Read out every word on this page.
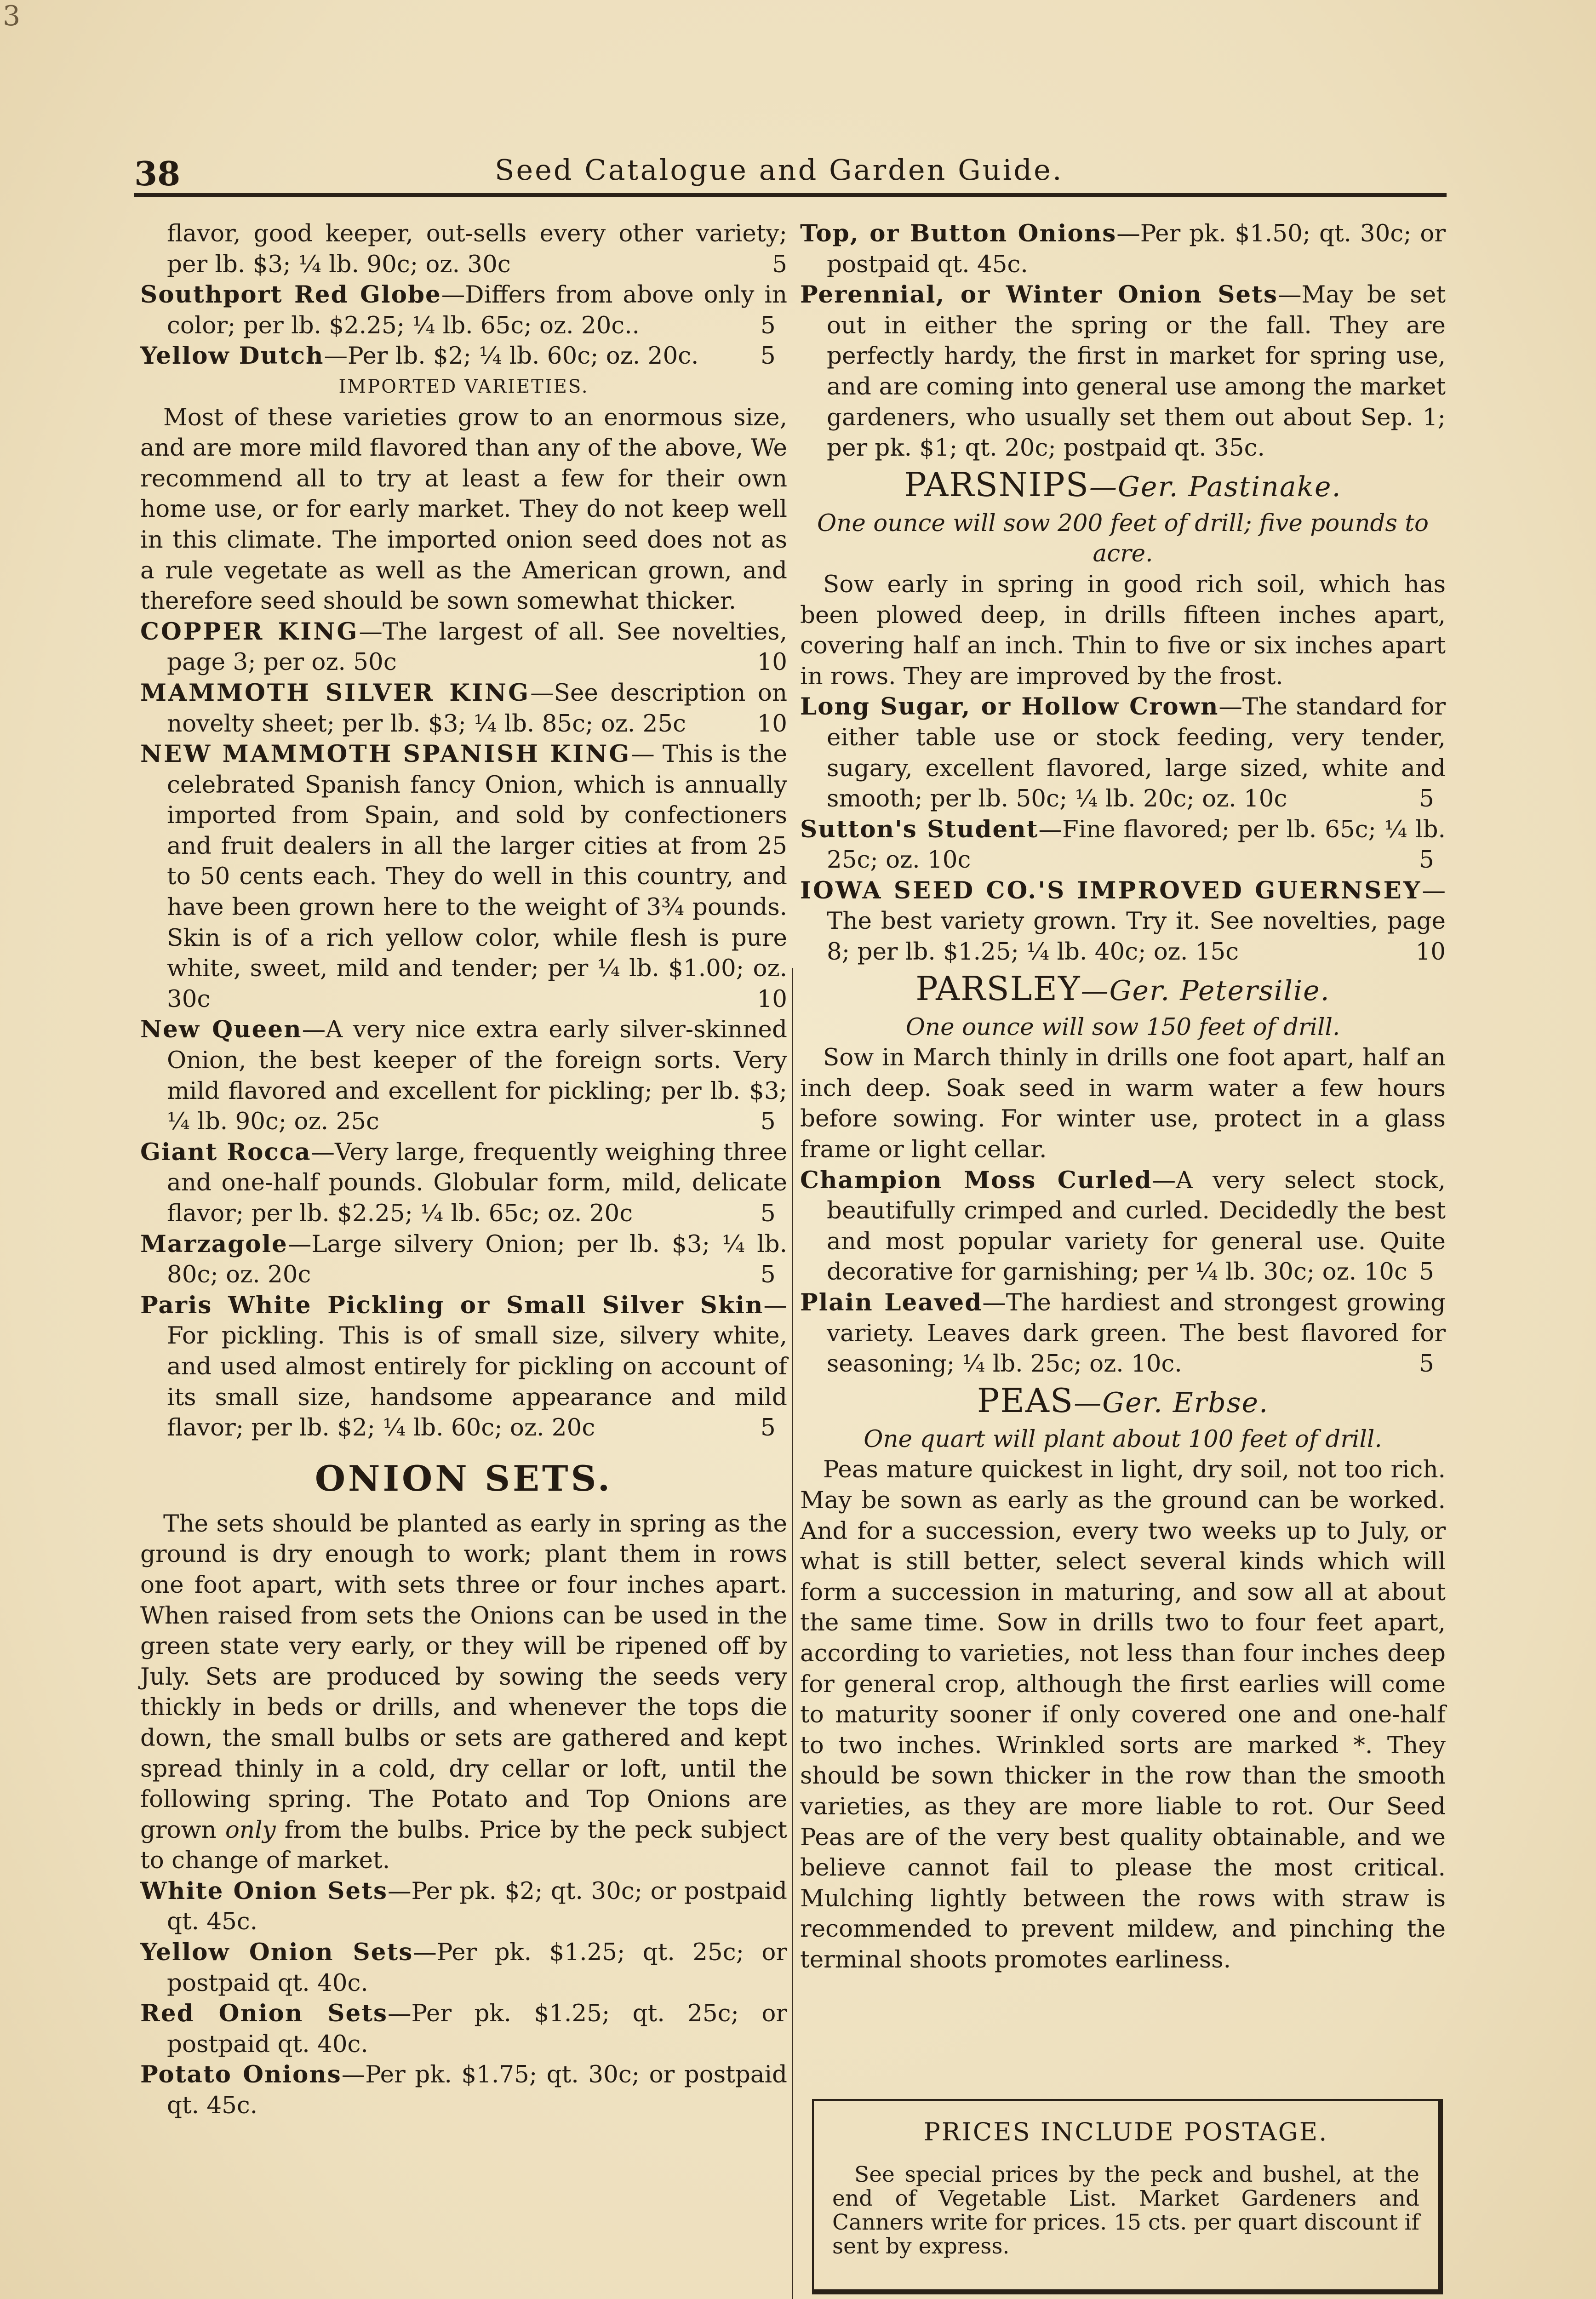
3
38	Seed Catalogue and Garden Guide.
flavor, good keeper, out-sells every other variety; per lb. $3; ¼ lb. 90c; oz. 30c	5
Southport Red Globe—Differs from above only in color; per lb. $2.25; ¼ lb. 65c; oz. 20c..	5
Yellow Dutch—Per lb. $2; ¼ lb. 60c; oz. 20c.	5
IMPORTED VARIETIES.
Most of these varieties grow to an enormous size, and are more mild flavored than any of the above, We recommend all to try at least a few for their own home use, or for early market. They do not keep well in this climate. The imported onion seed does not as a rule vegetate as well as the American grown, and therefore seed should be sown somewhat thicker.
COPPER KING—The largest of all. See novelties, page 3; per oz. 50c	10
MAMMOTH SILVER KING—See description on novelty sheet; per lb. $3; ¼ lb. 85c; oz. 25c	10
NEW MAMMOTH SPANISH KING— This is the celebrated Spanish fancy Onion, which is annually imported from Spain, and sold by confectioners and fruit dealers in all the larger cities at from 25 to 50 cents each. They do well in this country, and have been grown here to the weight of 3¾ pounds. Skin is of a rich yellow color, while flesh is pure white, sweet, mild and tender; per ¼ lb. $1.00; oz. 30c	10
New Queen—A very nice extra early silver-skinned Onion, the best keeper of the foreign sorts. Very mild flavored and excellent for pickling; per lb. $3; ¼ lb. 90c; oz. 25c	5
Giant Rocca—Very large, frequently weighing three and one-half pounds. Globular form, mild, delicate flavor; per lb. $2.25; ¼ lb. 65c; oz. 20c	5
Marzagole—Large silvery Onion; per lb. $3; ¼ lb. 80c; oz. 20c	5
Paris White Pickling or Small Silver Skin—For pickling. This is of small size, silvery white, and used almost entirely for pickling on account of its small size, handsome appearance and mild flavor; per lb. $2; ¼ lb. 60c; oz. 20c	5
ONION SETS.
The sets should be planted as early in spring as the ground is dry enough to work; plant them in rows one foot apart, with sets three or four inches apart. When raised from sets the Onions can be used in the green state very early, or they will be ripened off by July. Sets are produced by sowing the seeds very thickly in beds or drills, and whenever the tops die down, the small bulbs or sets are gathered and kept spread thinly in a cold, dry cellar or loft, until the following spring. The Potato and Top Onions are grown only from the bulbs. Price by the peck subject to change of market.
White Onion Sets—Per pk. $2; qt. 30c; or postpaid qt. 45c.
Yellow Onion Sets—Per pk. $1.25; qt. 25c; or postpaid qt. 40c.
Red Onion Sets—Per pk. $1.25; qt. 25c; or postpaid qt. 40c.
Potato Onions—Per pk. $1.75; qt. 30c; or postpaid qt. 45c.
Top, or Button Onions—Per pk. $1.50; qt. 30c; or postpaid qt. 45c.
Perennial, or Winter Onion Sets—May be set out in either the spring or the fall. They are perfectly hardy, the first in market for spring use, and are coming into general use among the market gardeners, who usually set them out about Sep. 1; per pk. $1; qt. 20c; postpaid qt. 35c.
PARSNIPS—Ger. Pastinake.
One ounce will sow 200 feet of drill; five pounds to acre.
Sow early in spring in good rich soil, which has been plowed deep, in drills fifteen inches apart, covering half an inch. Thin to five or six inches apart in rows. They are improved by the frost.
Long Sugar, or Hollow Crown—The standard for either table use or stock feeding, very tender, sugary, excellent flavored, large sized, white and smooth; per lb. 50c; ¼ lb. 20c; oz. 10c	5
Sutton's Student—Fine flavored; per lb. 65c; ¼ lb. 25c; oz. 10c	5
IOWA SEED CO.'S IMPROVED GUERNSEY—The best variety grown. Try it. See novelties, page 8; per lb. $1.25; ¼ lb. 40c; oz. 15c	10
PARSLEY—Ger. Petersilie.
One ounce will sow 150 feet of drill.
Sow in March thinly in drills one foot apart, half an inch deep. Soak seed in warm water a few hours before sowing. For winter use, protect in a glass frame or light cellar.
Champion Moss Curled—A very select stock, beautifully crimped and curled. Decidedly the best and most popular variety for general use. Quite decorative for garnishing; per ¼ lb. 30c; oz. 10c 5
Plain Leaved—The hardiest and strongest growing variety. Leaves dark green. The best flavored for seasoning; ¼ lb. 25c; oz. 10c.	5
PEAS—Ger. Erbse.
One quart will plant about 100 feet of drill.
Peas mature quickest in light, dry soil, not too rich. May be sown as early as the ground can be worked. And for a succession, every two weeks up to July, or what is still better, select several kinds which will form a succession in maturing, and sow all at about the same time. Sow in drills two to four feet apart, according to varieties, not less than four inches deep for general crop, although the first earlies will come to maturity sooner if only covered one and one-half to two inches. Wrinkled sorts are marked *. They should be sown thicker in the row than the smooth varieties, as they are more liable to rot. Our Seed Peas are of the very best quality obtainable, and we believe cannot fail to please the most critical. Mulching lightly between the rows with straw is recommended to prevent mildew, and pinching the terminal shoots promotes earliness.
PRICES INCLUDE POSTAGE.
See special prices by the peck and bushel, at the end of Vegetable List. Market Gardeners and Canners write for prices. 15 cts. per quart discount if sent by express.
